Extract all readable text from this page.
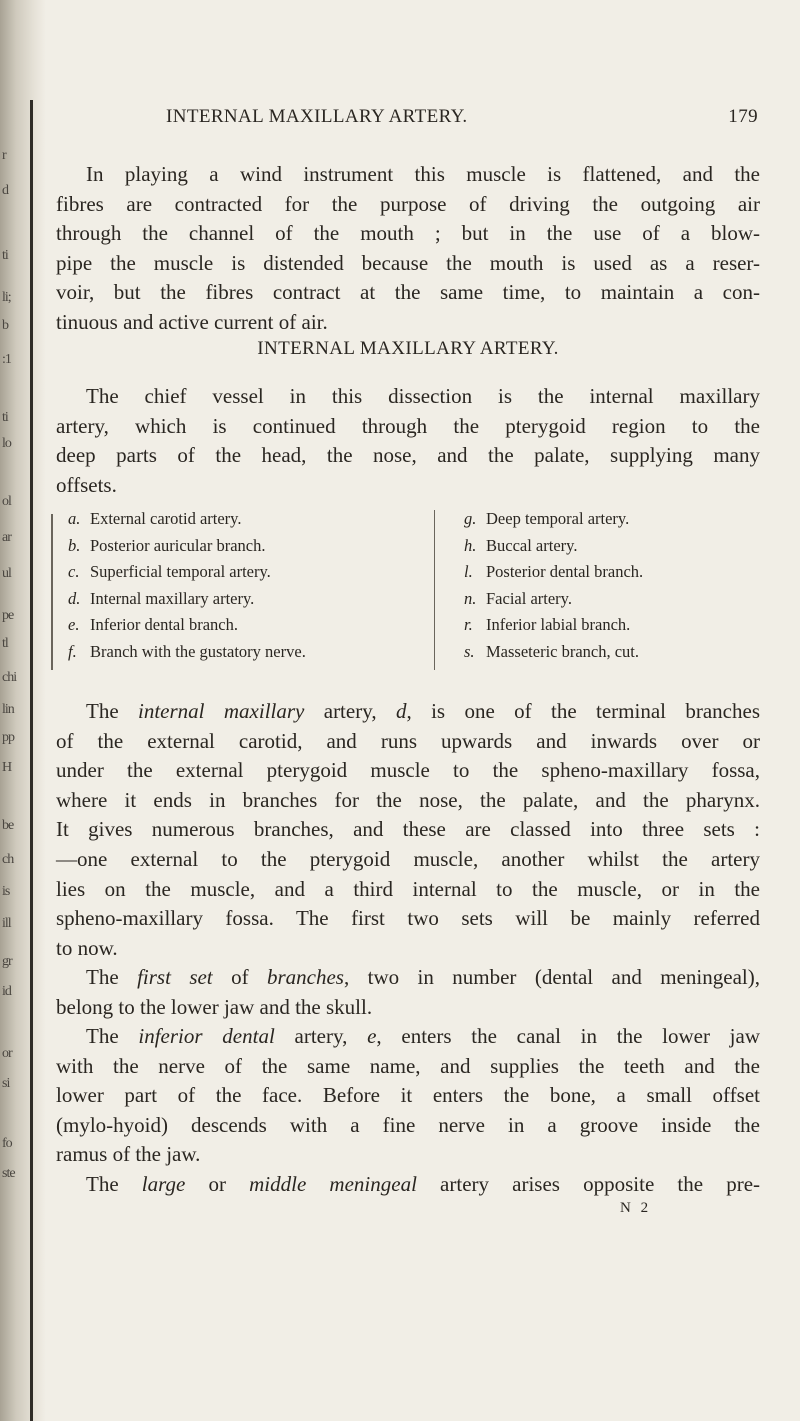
r
d
ti
li;
b
:1
ti
lo
ol
ar
ul
pe
tl
chi
lin
pp
H
be
ch
is
ill
gr
id
or
si
fo
ste
INTERNAL MAXILLARY ARTERY.	179
In playing a wind instrument this muscle is flattened, and the
fibres are contracted for the purpose of driving the outgoing air
through the channel of the mouth ; but in the use of a blow-
pipe the muscle is distended because the mouth is used as a reser-
voir, but the fibres contract at the same time, to maintain a con-
tinuous and active current of air.
INTERNAL MAXILLARY ARTERY.
The chief vessel in this dissection is the internal maxillary
artery, which is continued through the pterygoid region to the
deep parts of the head, the nose, and the palate, supplying many
offsets.
a. External carotid artery.
b. Posterior auricular branch.
c. Superficial temporal artery.
d. Internal maxillary artery.
e. Inferior dental branch.
f. Branch with the gustatory nerve.
g. Deep temporal artery.
h. Buccal artery.
l. Posterior dental branch.
n. Facial artery.
r. Inferior labial branch.
s. Masseteric branch, cut.
The internal maxillary artery, d, is one of the terminal branches
of the external carotid, and runs upwards and inwards over or
under the external pterygoid muscle to the spheno-maxillary fossa,
where it ends in branches for the nose, the palate, and the pharynx.
It gives numerous branches, and these are classed into three sets :
—one external to the pterygoid muscle, another whilst the artery
lies on the muscle, and a third internal to the muscle, or in the
spheno-maxillary fossa. The first two sets will be mainly referred
to now.
The first set of branches, two in number (dental and meningeal),
belong to the lower jaw and the skull.
The inferior dental artery, e, enters the canal in the lower jaw
with the nerve of the same name, and supplies the teeth and the
lower part of the face. Before it enters the bone, a small offset
(mylo-hyoid) descends with a fine nerve in a groove inside the
ramus of the jaw.
The large or middle meningeal artery arises opposite the pre-
N 2
